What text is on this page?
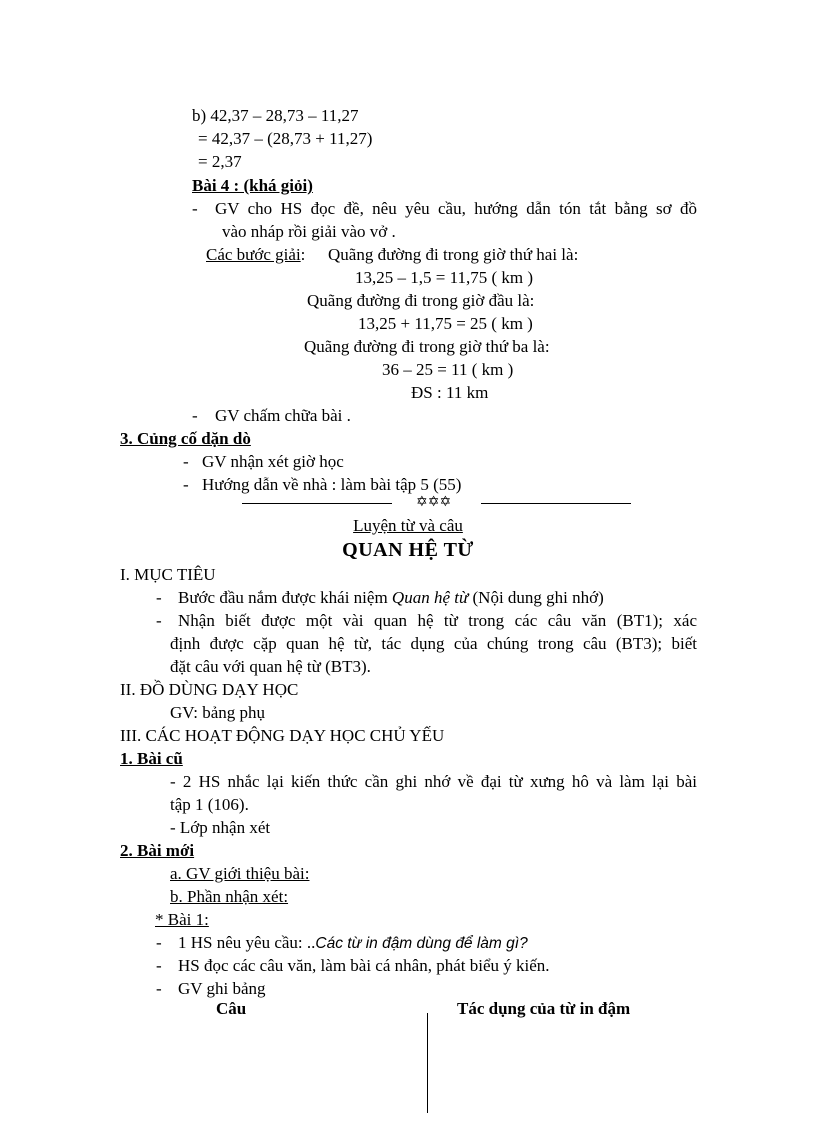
b) 42,37 – 28,73 – 11,27
= 42,37 – (28,73 + 11,27)
= 2,37
Bài 4 : (khá giỏi)
- GV cho HS đọc đề, nêu yêu cầu, hướng dẫn tón tắt bằng sơ đồ
vào nháp rồi giải vào vở .
Các bước giải: Quãng đường đi trong giờ thứ hai là:
13,25 – 1,5 = 11,75 ( km )
Quãng đường đi trong giờ đầu là:
13,25 + 11,75 = 25 ( km )
Quãng đường đi trong giờ thứ ba là:
36 – 25 = 11 ( km )
ĐS : 11 km
- GV chấm chữa bài .
3. Củng cố dặn dò
- GV nhận xét giờ học
- Hướng dẫn về nhà : làm bài tập 5 (55)
✡✡✡
Luyện từ và câu
QUAN HỆ TỪ
I. MỤC TIÊU
- Bước đầu nắm được khái niệm Quan hệ từ (Nội dung ghi nhớ)
- Nhận biết được một vài quan hệ từ trong các câu văn (BT1); xác
định được cặp quan hệ từ, tác dụng của chúng trong câu (BT3); biết
đặt câu với quan hệ từ (BT3).
II. ĐỒ DÙNG DẠY HỌC
GV: bảng phụ
III. CÁC HOẠT ĐỘNG DẠY HỌC CHỦ YẾU
1. Bài cũ
- 2 HS nhắc lại kiến thức cần ghi nhớ về đại từ xưng hô và làm lại bài
tập 1 (106).
- Lớp nhận xét
2. Bài mới
a. GV giới thiệu bài:
b. Phần nhận xét:
* Bài 1:
- 1 HS nêu yêu cầu: ..Các từ in đậm dùng để làm gì?
- HS đọc các câu văn, làm bài cá nhân, phát biểu ý kiến.
- GV ghi bảng
Câu	Tác dụng của từ in đậm
